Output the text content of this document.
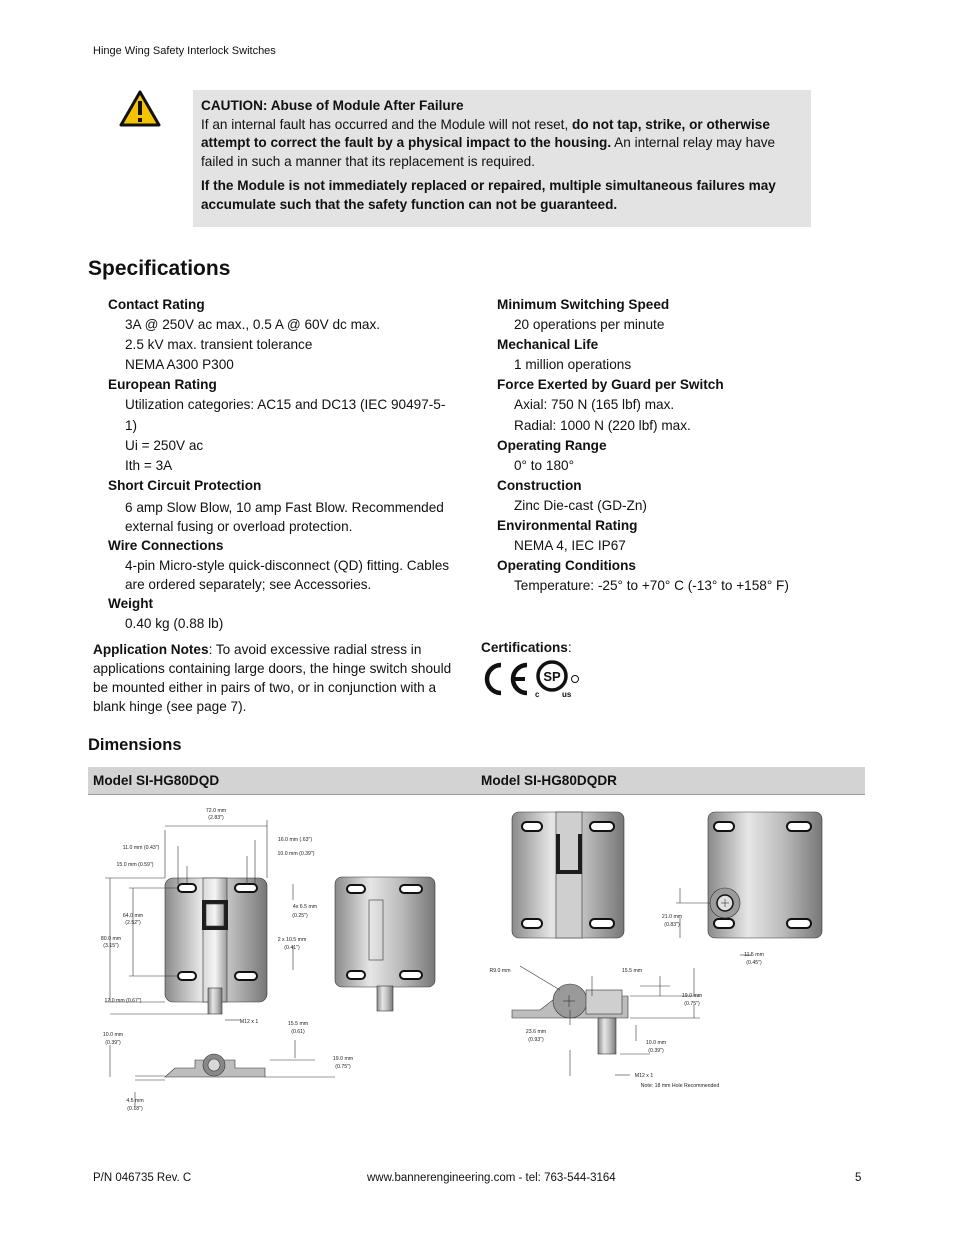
Hinge Wing Safety Interlock Switches

CAUTION: Abuse of Module After Failure
If an internal fault has occurred and the Module will not reset, do not tap, strike, or otherwise attempt to correct the fault by a physical impact to the housing. An internal relay may have failed in such a manner that its replacement is required.

If the Module is not immediately replaced or repaired, multiple simultaneous failures may accumulate such that the safety function can not be guaranteed.

Specifications
Contact Rating
3A @ 250V ac max., 0.5 A @ 60V dc max.
2.5 kV max. transient tolerance
NEMA A300 P300
European Rating
Utilization categories: AC15 and DC13 (IEC 90497-5-1)
Ui = 250V ac
Ith = 3A
Short Circuit Protection
6 amp Slow Blow, 10 amp Fast Blow. Recommended external fusing or overload protection.
Wire Connections
4-pin Micro-style quick-disconnect (QD) fitting. Cables are ordered separately; see Accessories.
Weight
0.40 kg (0.88 lb)
Minimum Switching Speed
20 operations per minute
Mechanical Life
1 million operations
Force Exerted by Guard per Switch
Axial: 750 N (165 lbf) max.
Radial: 1000 N (220 lbf) max.
Operating Range
0° to 180°
Construction
Zinc Die-cast (GD-Zn)
Environmental Rating
NEMA 4, IEC IP67
Operating Conditions
Temperature: -25° to +70° C (-13° to +158° F)
Application Notes: To avoid excessive radial stress in applications containing large doors, the hinge switch should be mounted either in pairs of two, or in conjunction with a blank hinge (see page 7).
Certifications:
SP
c	us
Dimensions
Model SI-HG80DQD	Model SI-HG80DQDR
72.0 mm
(2.83")
11.0 mm (0.43")
15.0 mm (0.59")
16.0 mm (.63")
10.0 mm (0.39")
64.0 mm
(2.52")
80.0 mm
(3.15")
4x 6.5 mm
(0.25")
2 x 10.5 mm
(0.41")
17.0 mm (0.67")
M12 x 1	15.5 mm
(0.61)
10.0 mm
(0.39")
19.0 mm
(0.75")
4.5 mm
(0.18")
21.0 mm
(0.83")
11.5 mm
(0.45")
R9.0 mm	15.5 mm
19.0 mm
(0.75")
23.6 mm
(0.93")	10.0 mm
(0.39")
M12 x 1
Note: 18 mm Hole Recommended
P/N 046735 Rev. C	www.bannerengineering.com - tel: 763-544-3164	5
